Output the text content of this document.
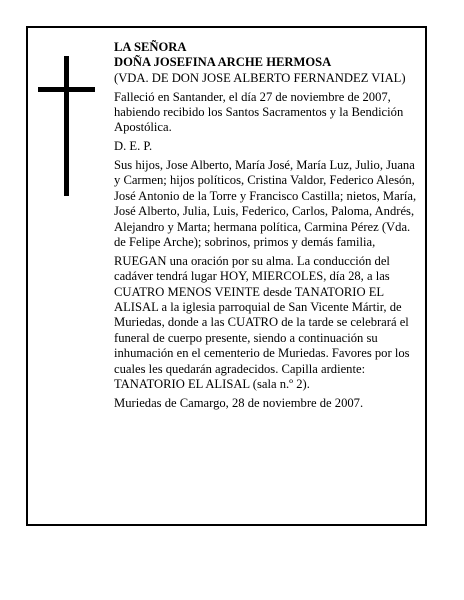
LA SEÑORA
DOÑA JOSEFINA ARCHE HERMOSA

(VDA. DE DON JOSE ALBERTO FERNANDEZ VIAL)

Falleció en Santander, el día 27 de noviembre de 2007, habiendo recibido los Santos Sacramentos y la Bendición Apostólica.

D. E. P.

Sus hijos, Jose Alberto, María José, María Luz, Julio, Juana y Carmen; hijos políticos, Cristina Valdor, Federico Alesón, José Antonio de la Torre y Francisco Castilla; nietos, María, José Alberto, Julia, Luis, Federico, Carlos, Paloma, Andrés, Alejandro y Marta; hermana política, Carmina Pérez (Vda. de Felipe Arche); sobrinos, primos y demás familia,

RUEGAN una oración por su alma. La conducción del cadáver tendrá lugar HOY, MIERCOLES, día 28, a las CUATRO MENOS VEINTE desde TANATORIO EL ALISAL a la iglesia parroquial de San Vicente Mártir, de Muriedas, donde a las CUATRO de la tarde se celebrará el funeral de cuerpo presente, siendo a continuación su inhumación en el cementerio de Muriedas. Favores por los cuales les quedarán agradecidos. Capilla ardiente: TANATORIO EL ALISAL (sala n.º 2).

Muriedas de Camargo, 28 de noviembre de 2007.
